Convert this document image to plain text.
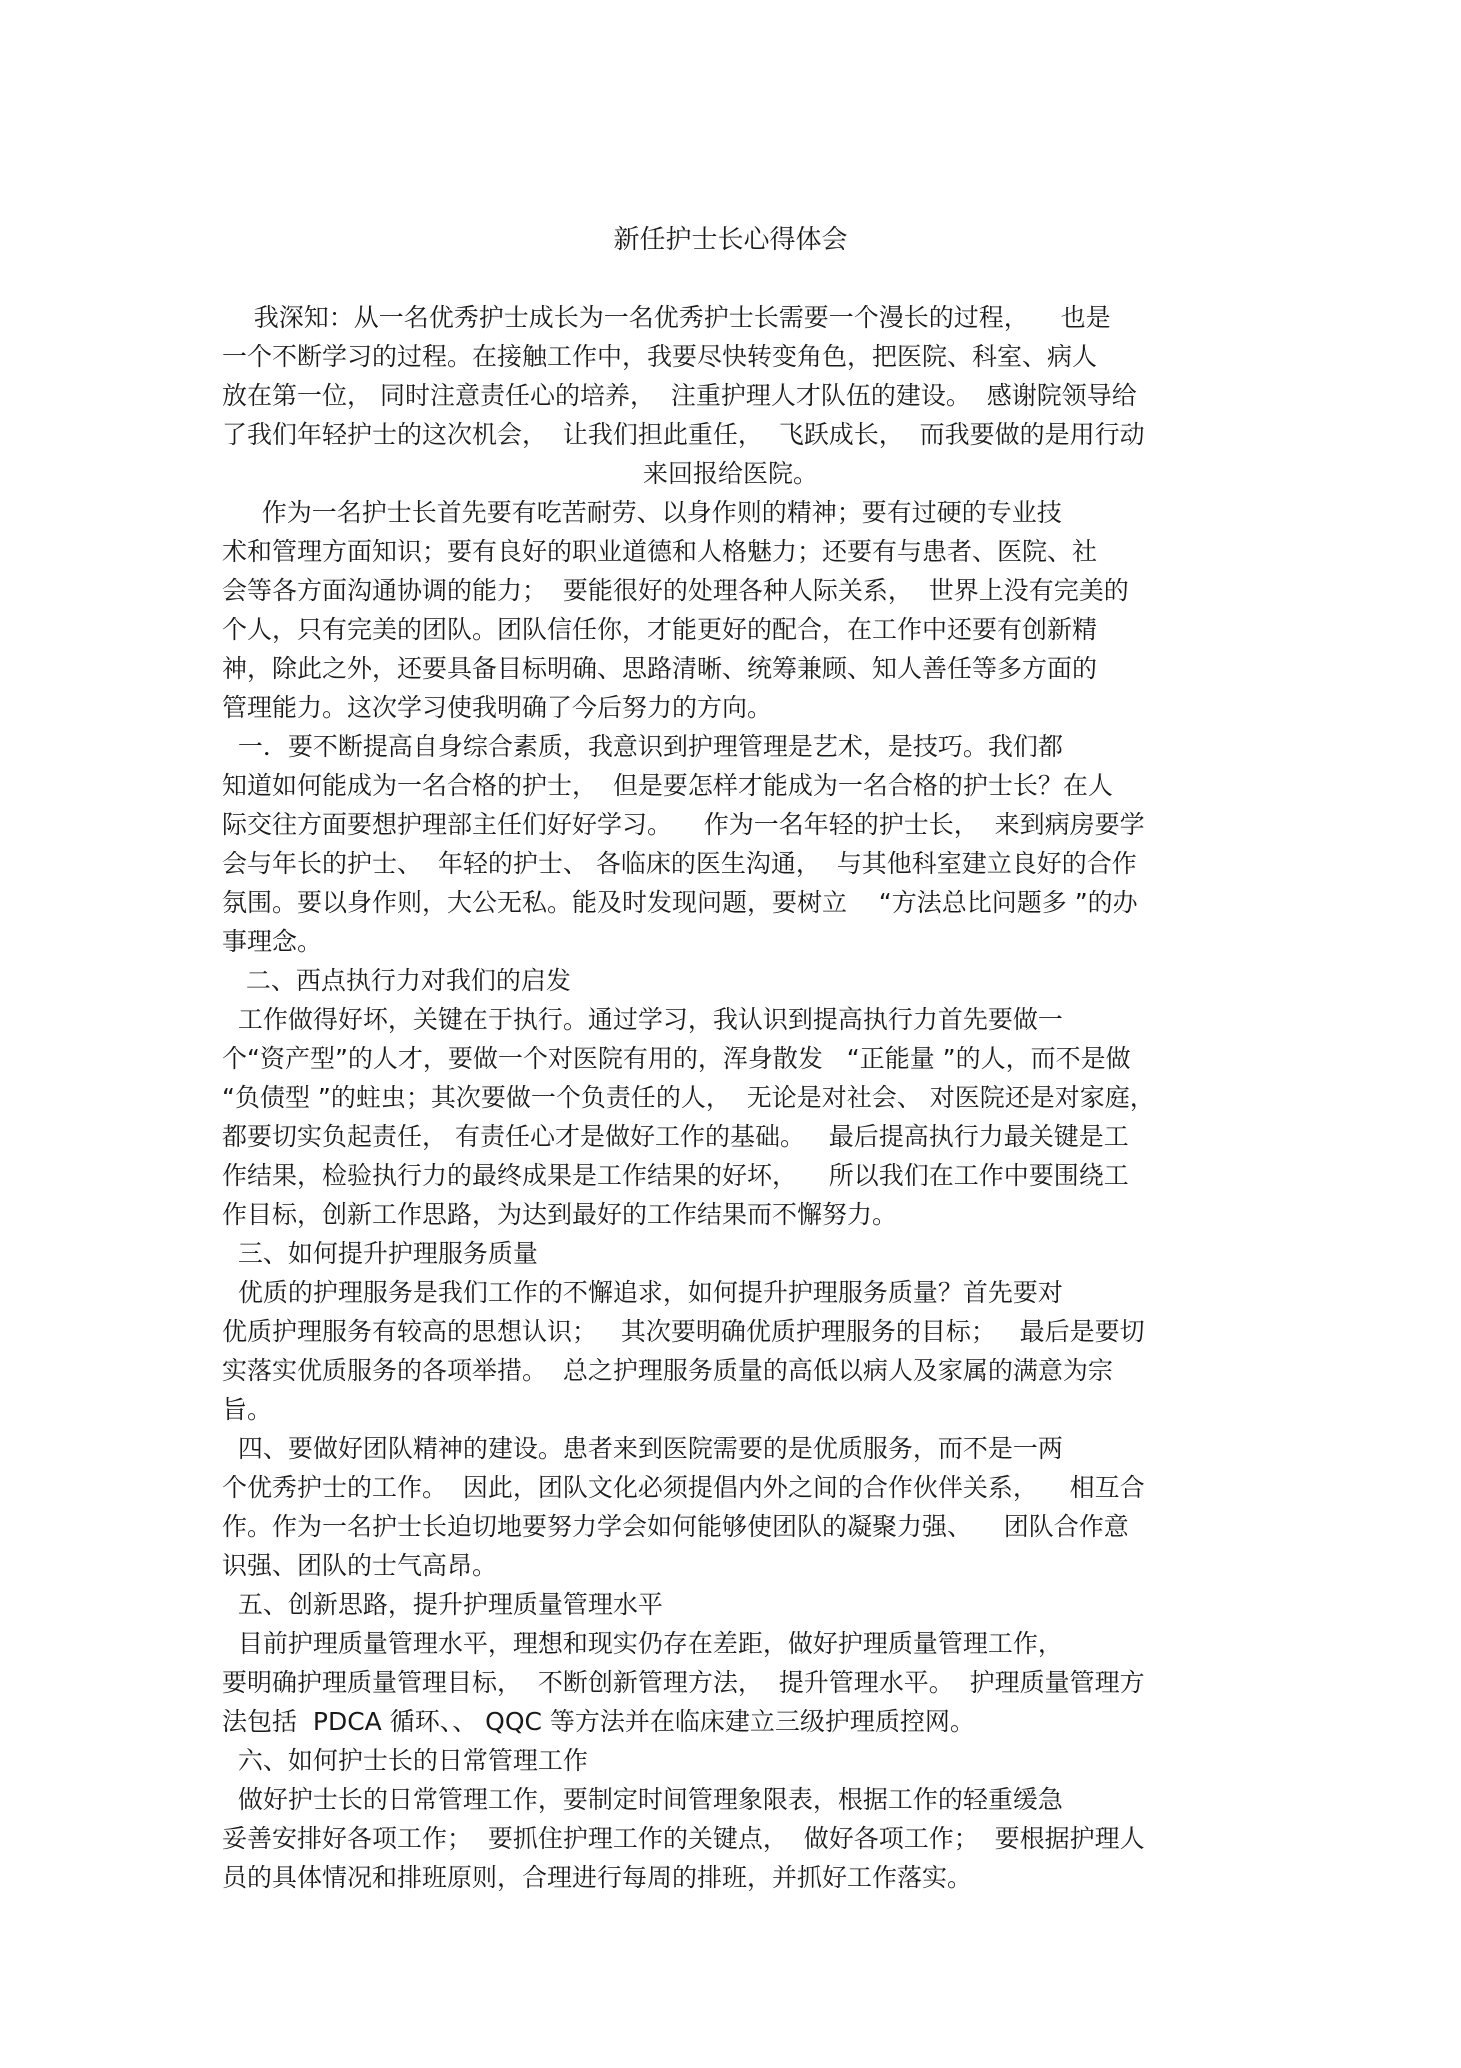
新任护士长心得体会
我深知：从一名优秀护士成长为一名优秀护士长需要一个漫长的过程，    也是
一个不断学习的过程。在接触工作中，我要尽快转变角色，把医院、科室、病人
放在第一位， 同时注意责任心的培养，  注重护理人才队伍的建设。  感谢院领导给
了我们年轻护士的这次机会，  让我们担此重任，  飞跃成长，  而我要做的是用行动
来回报给医院。
作为一名护士长首先要有吃苦耐劳、以身作则的精神；要有过硬的专业技
术和管理方面知识；要有良好的职业道德和人格魅力；还要有与患者、医院、社
会等各方面沟通协调的能力；  要能很好的处理各种人际关系，  世界上没有完美的
个人，只有完美的团队。团队信任你，才能更好的配合，在工作中还要有创新精
神，除此之外，还要具备目标明确、思路清晰、统筹兼顾、知人善任等多方面的
管理能力。这次学习使我明确了今后努力的方向。
一．要不断提高自身综合素质，我意识到护理管理是艺术，是技巧。我们都
知道如何能成为一名合格的护士，  但是要怎样才能成为一名合格的护士长？在人
际交往方面要想护理部主任们好好学习。    作为一名年轻的护士长，  来到病房要学
会与年长的护士、  年轻的护士、 各临床的医生沟通，  与其他科室建立良好的合作
氛围。要以身作则，大公无私。能及时发现问题，要树立    “方法总比问题多 ”的办
事理念。
二、西点执行力对我们的启发
工作做得好坏，关键在于执行。通过学习，我认识到提高执行力首先要做一
个“资产型”的人才，要做一个对医院有用的，浑身散发   “正能量 ”的人，而不是做
“负债型 ”的蛀虫；其次要做一个负责任的人，  无论是对社会、 对医院还是对家庭，
都要切实负起责任， 有责任心才是做好工作的基础。   最后提高执行力最关键是工
作结果，检验执行力的最终成果是工作结果的好坏，    所以我们在工作中要围绕工
作目标，创新工作思路，为达到最好的工作结果而不懈努力。
三、如何提升护理服务质量
优质的护理服务是我们工作的不懈追求，如何提升护理服务质量？首先要对
优质护理服务有较高的思想认识；   其次要明确优质护理服务的目标；   最后是要切
实落实优质服务的各项举措。  总之护理服务质量的高低以病人及家属的满意为宗
旨。
四、要做好团队精神的建设。患者来到医院需要的是优质服务，而不是一两
个优秀护士的工作。  因此，团队文化必须提倡内外之间的合作伙伴关系，    相互合
作。作为一名护士长迫切地要努力学会如何能够使团队的凝聚力强、    团队合作意
识强、团队的士气高昂。
五、创新思路，提升护理质量管理水平
目前护理质量管理水平，理想和现实仍存在差距，做好护理质量管理工作，
要明确护理质量管理目标，  不断创新管理方法，  提升管理水平。  护理质量管理方
法包括  PDCA 循环、、 QQC 等方法并在临床建立三级护理质控网。
六、如何护士长的日常管理工作
做好护士长的日常管理工作，要制定时间管理象限表，根据工作的轻重缓急
妥善安排好各项工作；  要抓住护理工作的关键点，  做好各项工作；  要根据护理人
员的具体情况和排班原则，合理进行每周的排班，并抓好工作落实。
